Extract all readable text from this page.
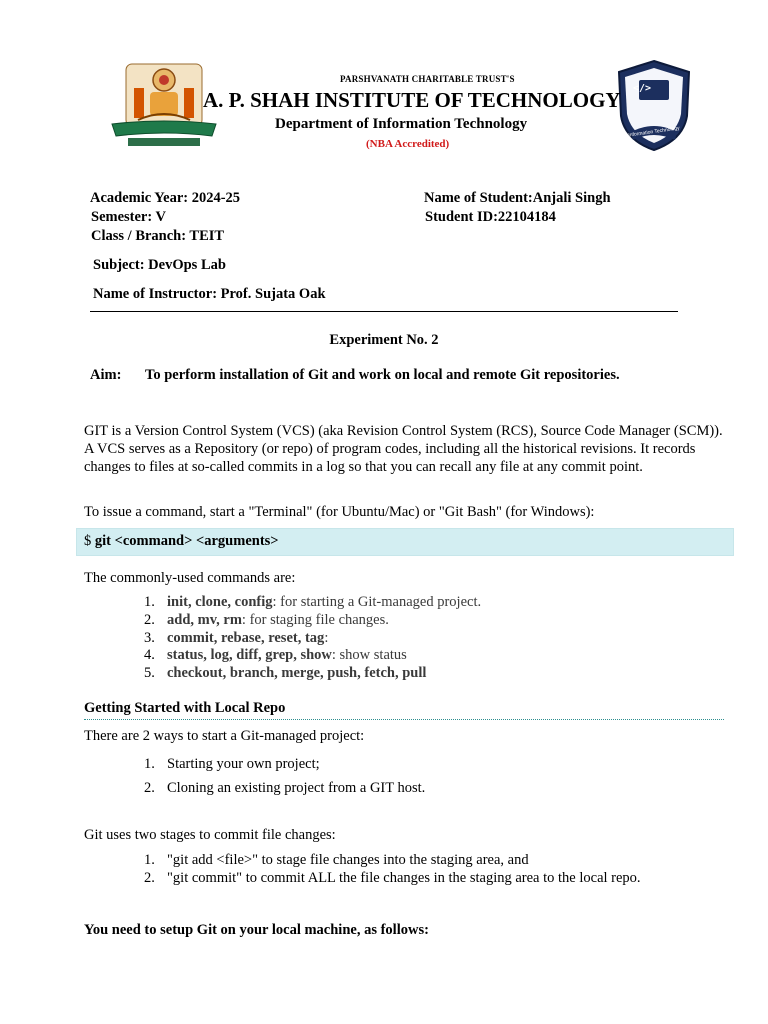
</>
Information Technology
PARSHVANATH CHARITABLE TRUST'S
A. P. SHAH INSTITUTE OF TECHNOLOGY
Department of Information Technology
(NBA Accredited)
Academic Year: 2024-25
Semester: V
Class / Branch: TEIT
Name of Student:Anjali Singh
Student ID:22104184
Subject: DevOps Lab
Name of Instructor: Prof. Sujata Oak
Experiment No. 2
Aim: To perform installation of Git and work on local and remote Git repositories.
GIT is a Version Control System (VCS) (aka Revision Control System (RCS), Source Code Manager (SCM)). A VCS serves as a Repository (or repo) of program codes, including all the historical revisions. It records changes to files at so-called commits in a log so that you can recall any file at any commit point.
To issue a command, start a "Terminal" (for Ubuntu/Mac) or "Git Bash" (for Windows):
$ git <command> <arguments>
The commonly-used commands are:
1. init, clone, config: for starting a Git-managed project.
2. add, mv, rm: for staging file changes.
3. commit, rebase, reset, tag:
4. status, log, diff, grep, show: show status
5. checkout, branch, merge, push, fetch, pull
Getting Started with Local Repo
There are 2 ways to start a Git-managed project:
1. Starting your own project;
2. Cloning an existing project from a GIT host.
Git uses two stages to commit file changes:
1. "git add <file>" to stage file changes into the staging area, and
2. "git commit" to commit ALL the file changes in the staging area to the local repo.
You need to setup Git on your local machine, as follows:
